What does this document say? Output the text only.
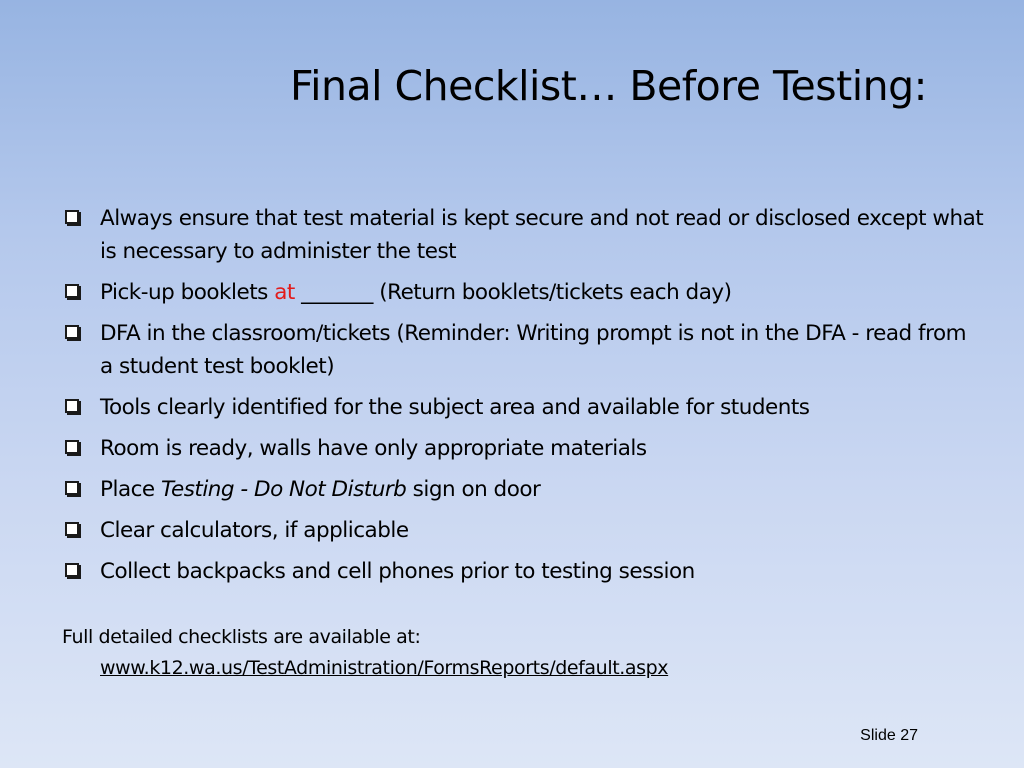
Final Checklist… Before Testing:
Always ensure that test material is kept secure and not read or disclosed except what is necessary to administer the test
Pick-up booklets at _______ (Return booklets/tickets each day)
DFA in the classroom/tickets (Reminder: Writing prompt is not in the DFA - read from a student test booklet)
Tools clearly identified for the subject area and available for students
Room is ready, walls have only appropriate materials
Place Testing - Do Not Disturb sign on door
Clear calculators, if applicable
Collect backpacks and cell phones prior to testing session
Full detailed checklists are available at:
www.k12.wa.us/TestAdministration/FormsReports/default.aspx
Slide 27
